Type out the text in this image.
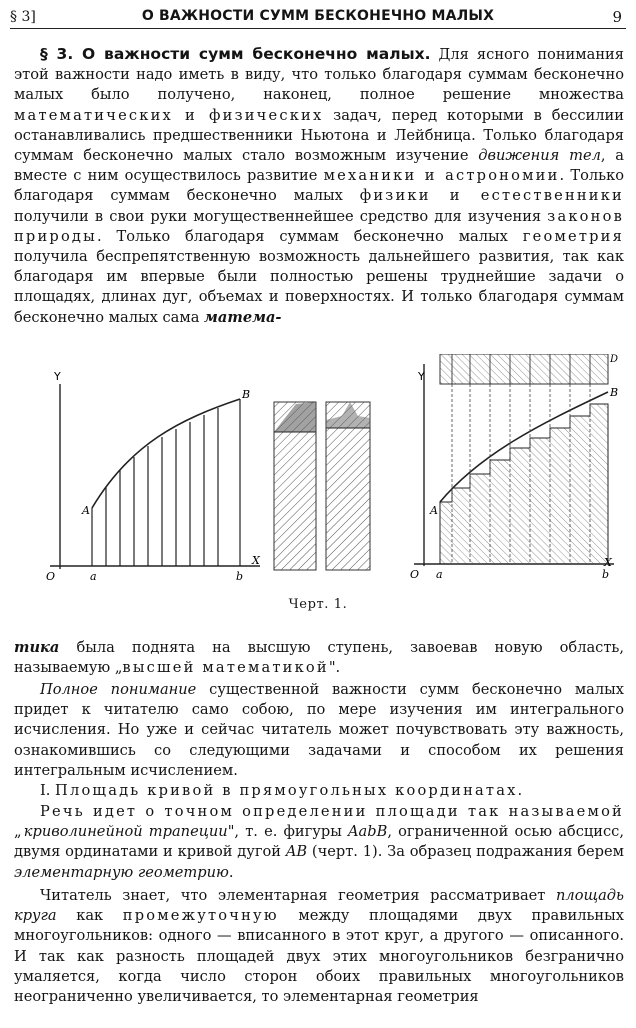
§ 3]	О ВАЖНОСТИ СУММ БЕСКОНЕЧНО МАЛЫХ	9

§ 3. О важности сумм бесконечно малых. Для ясного понимания этой важности надо иметь в виду, что только благодаря суммам бесконечно малых было получено, наконец, полное решение множества математических и физических задач, перед которыми в бессилии останавливались предшественники Ньютона и Лейбница. Только благодаря суммам бесконечно малых стало возможным изучение движения тел, а вместе с ним осуществилось развитие механики и астрономии. Только благодаря суммам бесконечно малых физики и естественники получили в свои руки могущественнейшее средство для изучения законов природы. Только благодаря суммам бесконечно малых геометрия получила беспрепятственную возможность дальнейшего развития, так как благодаря им впервые были полностью решены труднейшие задачи о площадях, длинах дуг, объемах и поверхностях. И только благодаря суммам бесконечно малых сама матема-

Y
X
O	a	b
A
B
Y
X
O a	b
A
B
D
Черт. 1.

тика была поднята на высшую ступень, завоевав новую область, называемую „высшей математикой".

Полное понимание существенной важности сумм бесконечно малых придет к читателю само собою, по мере изучения им интегрального исчисления. Но уже и сейчас читатель может почувствовать эту важность, ознакомившись со следующими задачами и способом их решения интегральным исчислением.

I. Площадь кривой в прямоугольных координатах.

Речь идет о точном определении площади так называемой „криволинейной трапеции", т. е. фигуры AabB, ограниченной осью абсцисс, двумя ординатами и кривой дугой AB (черт. 1). За образец подражания берем элементарную геометрию.

Читатель знает, что элементарная геометрия рассматривает площадь круга как промежуточную между площадями двух правильных многоугольников: одного — вписанного в этот круг, а другого — описанного. И так как разность площадей двух этих многоугольников безгранично умаляется, когда число сторон обоих правильных многоугольников неограниченно увеличивается, то элементарная геометрия
